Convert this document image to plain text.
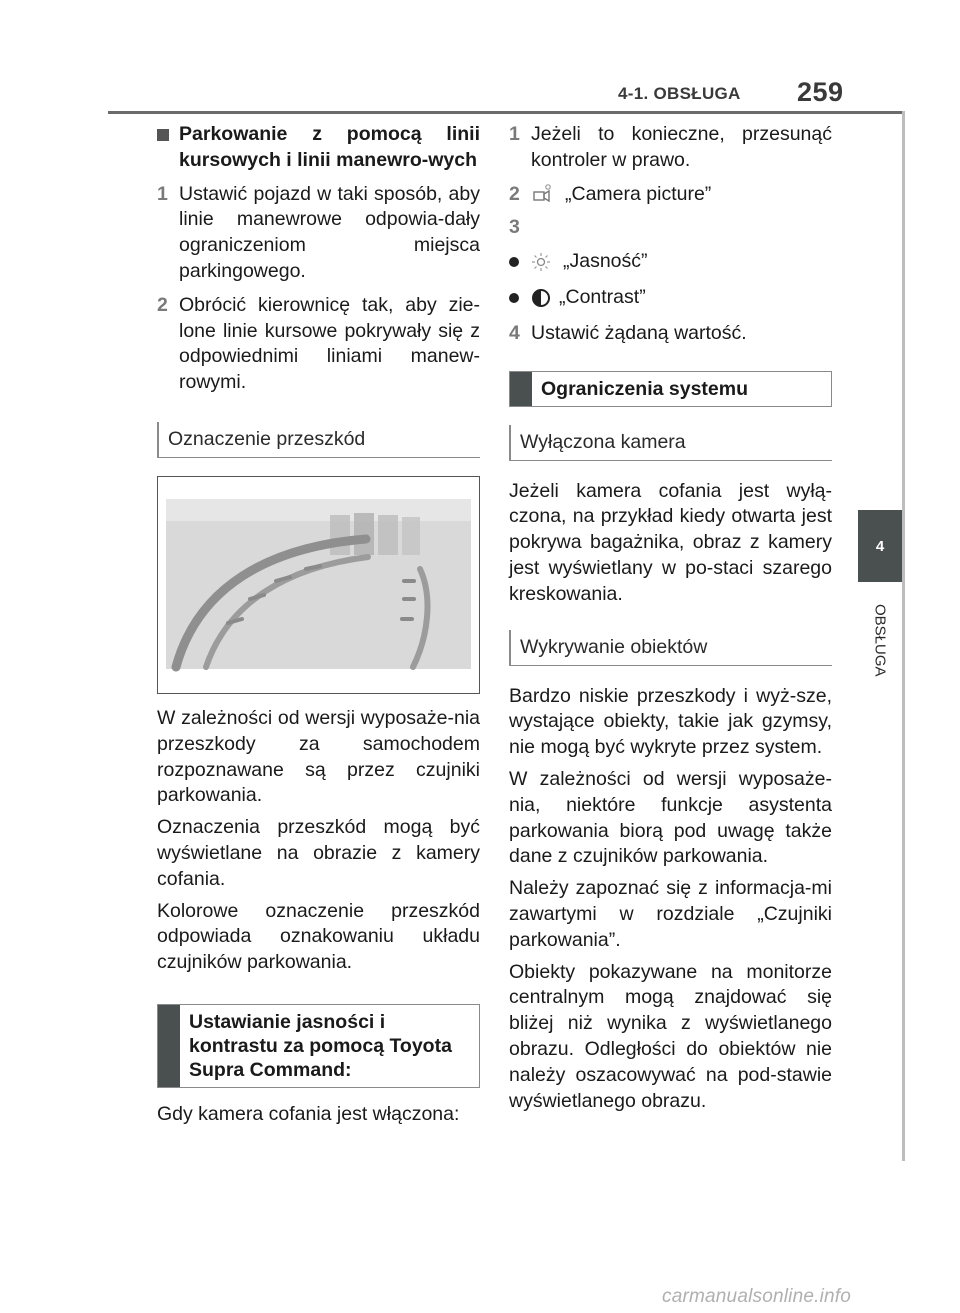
4-1. OBSŁUGA 259
4
OBSŁUGA
Parkowanie z pomocą linii kursowych i linii manewro-wych
1 Ustawić pojazd w taki sposób, aby linie manewrowe odpowia-dały ograniczeniom miejsca parkingowego.
2 Obrócić kierownicę tak, aby zie-lone linie kursowe pokrywały się z odpowiednimi liniami manew-rowymi.
Oznaczenie przeszkód

W zależności od wersji wyposaże-nia przeszkody za samochodem rozpoznawane są przez czujniki parkowania.

Oznaczenia przeszkód mogą być wyświetlane na obrazie z kamery cofania.

Kolorowe oznaczenie przeszkód odpowiada oznakowaniu układu czujników parkowania.

Ustawianie jasności i kontrastu za pomocą Toyota Supra Command:

Gdy kamera cofania jest włączona:

1 Jeżeli to konieczne, przesunąć kontroler w prawo.
2	„Camera picture”
3
„Jasność”
„Contrast”
4 Ustawić żądaną wartość.
Ograniczenia systemu
Wyłączona kamera

Jeżeli kamera cofania jest wyłą-czona, na przykład kiedy otwarta jest pokrywa bagażnika, obraz z kamery jest wyświetlany w po-staci szarego kreskowania.

Wykrywanie obiektów

Bardzo niskie przeszkody i wyż-sze, wystające obiekty, takie jak gzymsy, nie mogą być wykryte przez system.

W zależności od wersji wyposaże-nia, niektóre funkcje asystenta parkowania biorą pod uwagę także dane z czujników parkowania.

Należy zapoznać się z informacja-mi zawartymi w rozdziale „Czujniki parkowania”.

Obiekty pokazywane na monitorze centralnym mogą znajdować się bliżej niż wynika z wyświetlanego obrazu. Odległości do obiektów nie należy oszacowywać na pod-stawie wyświetlanego obrazu.

carmanualsonline.info
